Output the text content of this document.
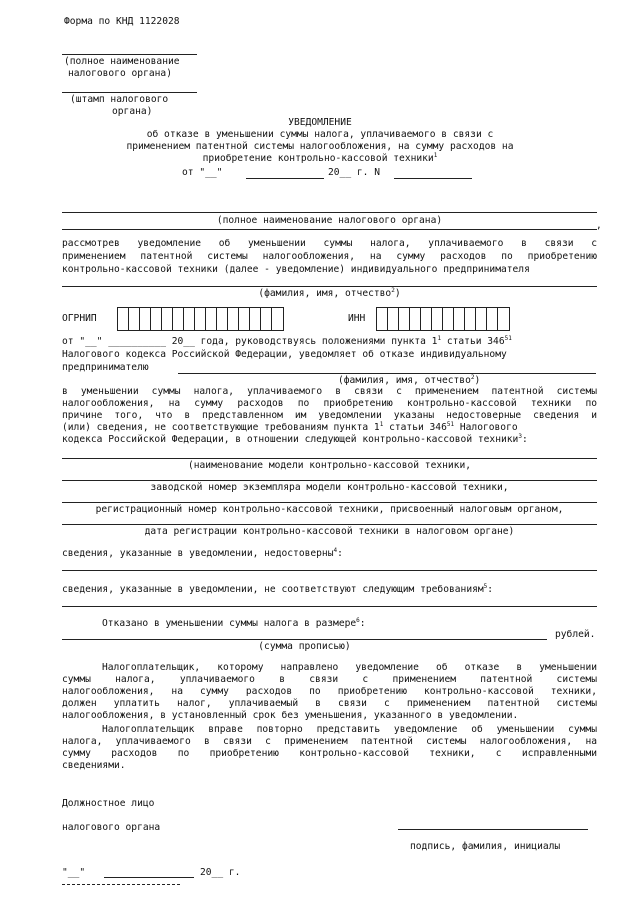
Форма по КНД 1122028
(полное наименование
налогового органа)
(штамп налогового
органа)
УВЕДОМЛЕНИЕ
об отказе в уменьшении суммы налога, уплачиваемого в связи с
применением патентной системы налогообложения, на сумму расходов на
приобретение контрольно-кассовой техники$^1$
от "__"	20__ г. N
,
(полное наименование налогового органа)
рассмотрев уведомление об уменьшении суммы налога, уплачиваемого в связи с
применением патентной системы налогообложения, на сумму расходов по приобретению
контрольно-кассовой техники (далее - уведомление) индивидуального предпринимателя
(фамилия, имя, отчество$^2$)
ОГРНИП	ИНН
от "__" __________ 20__ года, руководствуясь положениями пункта $1^1$ статьи $346^{51}$
Налогового кодекса Российской Федерации, уведомляет об отказе индивидуальному
предпринимателю
(фамилия, имя, отчество$^2$)
в уменьшении суммы налога, уплачиваемого в связи с применением патентной системы
налогообложения, на сумму расходов по приобретению контрольно-кассовой техники по
причине того, что в представленном им уведомлении указаны недостоверные сведения и
(или) сведения, не соответствующие требованиям пункта $1^1$ статьи $346^{51}$ Налогового
кодекса Российской Федерации, в отношении следующей контрольно-кассовой техники$^3$:
(наименование модели контрольно-кассовой техники,
заводской номер экземпляра модели контрольно-кассовой техники,
регистрационный номер контрольно-кассовой техники, присвоенный налоговым органом,
дата регистрации контрольно-кассовой техники в налоговом органе)
сведения, указанные в уведомлении, недостоверны$^4$:
сведения, указанные в уведомлении, не соответствуют следующим требованиям$^5$:
Отказано в уменьшении суммы налога в размере$^6$:
рублей.
(сумма прописью)
Налогоплательщик, которому направлено уведомление об отказе в уменьшении
суммы налога, уплачиваемого в связи с применением патентной системы
налогообложения, на сумму расходов по приобретению контрольно-кассовой техники,
должен уплатить налог, уплачиваемый в связи с применением патентной системы
налогообложения, в установленный срок без уменьшения, указанного в уведомлении.
Налогоплательщик вправе повторно представить уведомление об уменьшении суммы
налога, уплачиваемого в связи с применением патентной системы налогообложения, на
сумму расходов по приобретению контрольно-кассовой техники, с исправленными
сведениями.
Должностное лицо
налогового органа
подпись, фамилия, инициалы
"__"	20__ г.
